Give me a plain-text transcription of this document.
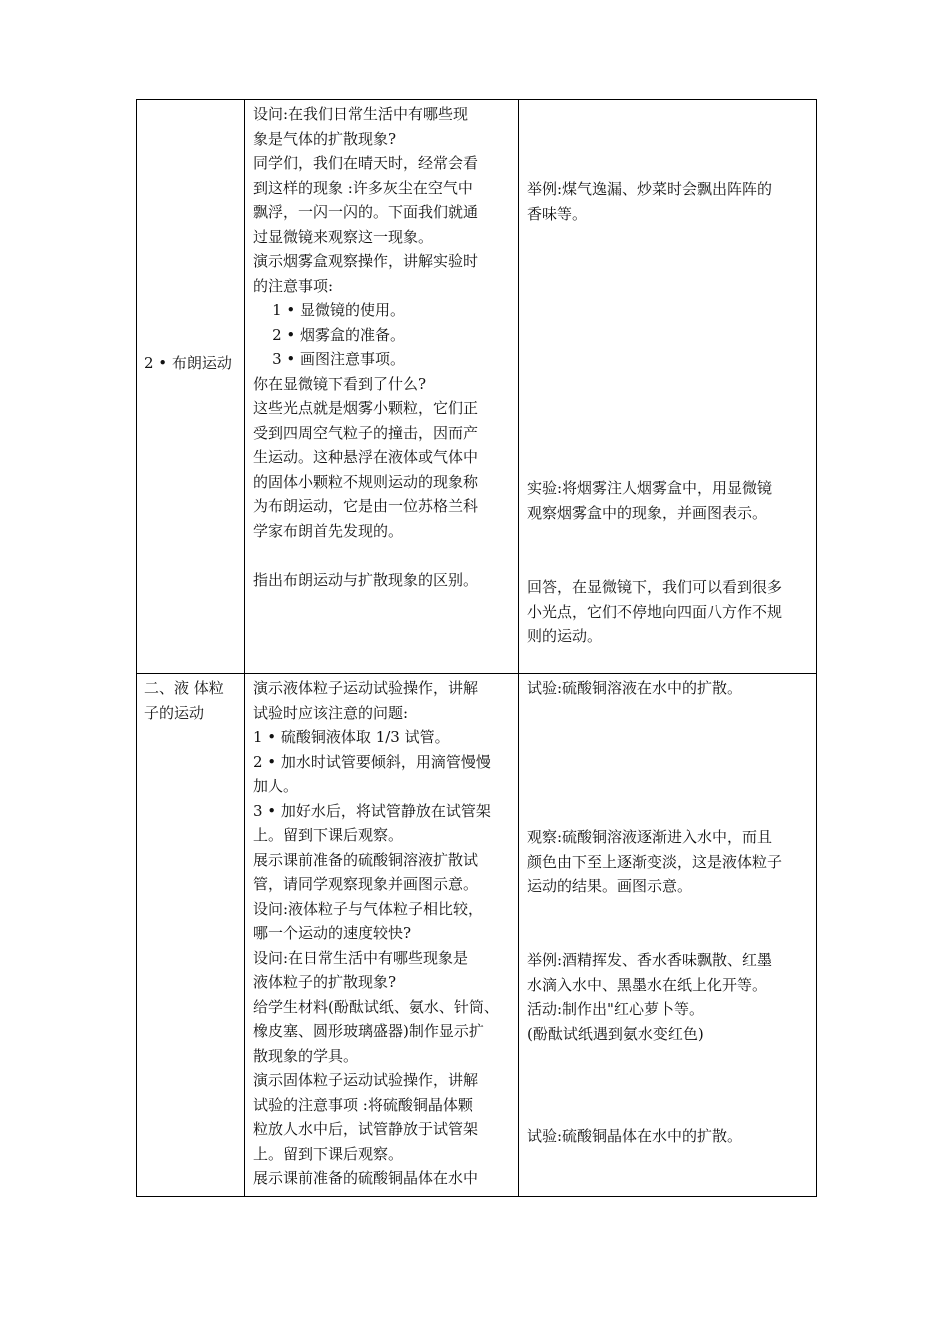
2 • 布朗运动
设问:在我们日常生活中有哪些现
象是气体的扩散现象?
同学们，我们在晴天时，经常会看
到这样的现象 :许多灰尘在空气中
飘浮，一闪一闪的。下面我们就通
过显微镜来观察这一现象。
演示烟雾盒观察操作，讲解实验时
的注意事项:
1 • 显微镜的使用。
2 • 烟雾盒的准备。
3 • 画图注意事项。
你在显微镜下看到了什么?
这些光点就是烟雾小颗粒，它们正
受到四周空气粒子的撞击，因而产
生运动。这种悬浮在液体或气体中
的固体小颗粒不规则运动的现象称
为布朗运动，它是由一位苏格兰科
学家布朗首先发现的。
指出布朗运动与扩散现象的区别。
举例:煤气逸漏、炒菜时会飘出阵阵的
香味等。
实验:将烟雾注人烟雾盒中，用显微镜
观察烟雾盒中的现象，并画图表示。
回答，在显微镜下，我们可以看到很多
小光点，它们不停地向四面八方作不规
则的运动。
二、液 体粒
子的运动
演示液体粒子运动试验操作，讲解
试验时应该注意的问题:
1 • 硫酸铜液体取 1/3 试管。
2 • 加水时试管要倾斜，用滴管慢慢
加人。
3 • 加好水后，将试管静放在试管架
上。留到下课后观察。
展示课前准备的硫酸铜溶液扩散试
管，请同学观察现象并画图示意。
设问:液体粒子与气体粒子相比较，
哪一个运动的速度较快?
设问:在日常生活中有哪些现象是
液体粒子的扩散现象?
给学生材料(酚酞试纸、氨水、针筒、
橡皮塞、圆形玻璃盛器)制作显示扩
散现象的学具。
演示固体粒子运动试验操作，讲解
试验的注意事项 :将硫酸铜晶体颗
粒放人水中后，试管静放于试管架
上。留到下课后观察。
展示课前准备的硫酸铜晶体在水中
试验:硫酸铜溶液在水中的扩散。
观察:硫酸铜溶液逐渐进入水中，而且
颜色由下至上逐渐变淡，这是液体粒子
运动的结果。画图示意。
举例:酒精挥发、香水香味飘散、红墨
水滴入水中、黑墨水在纸上化开等。
活动:制作出"红心萝卜等。
(酚酞试纸遇到氨水变红色)
试验:硫酸铜晶体在水中的扩散。
